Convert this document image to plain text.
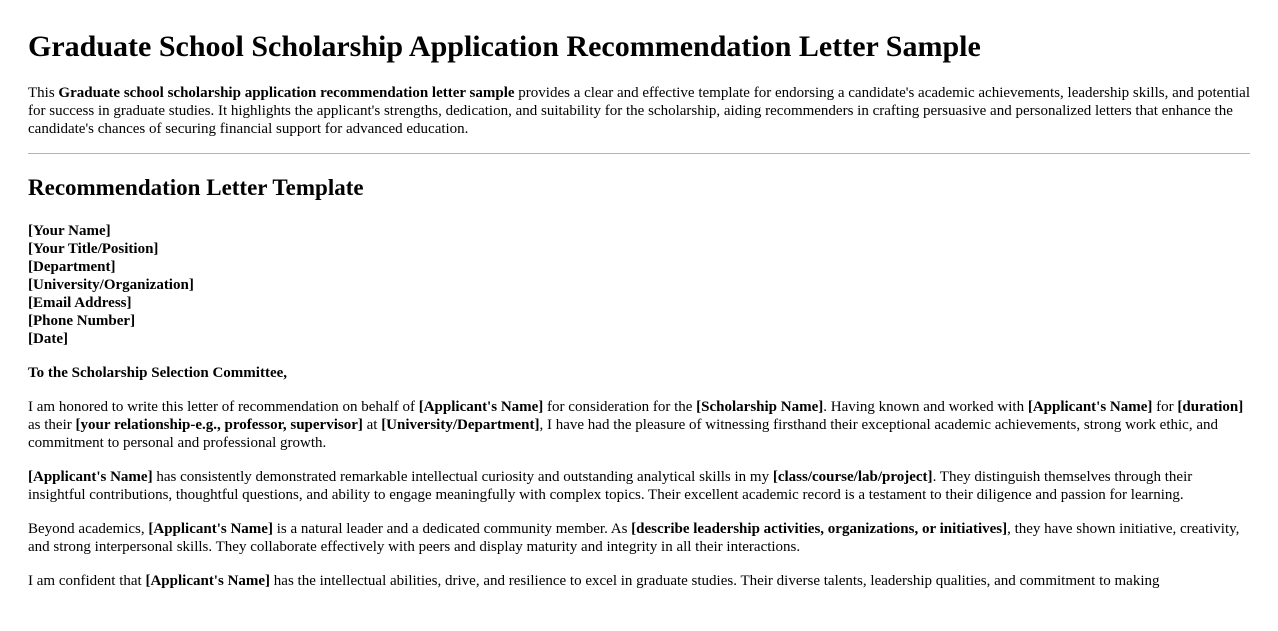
Graduate School Scholarship Application Recommendation Letter Sample

This Graduate school scholarship application recommendation letter sample provides a clear and effective template for endorsing a candidate's academic achievements, leadership skills, and potential for success in graduate studies. It highlights the applicant's strengths, dedication, and suitability for the scholarship, aiding recommenders in crafting persuasive and personalized letters that enhance the candidate's chances of securing financial support for advanced education.

Recommendation Letter Template
[Your Name]
[Your Title/Position]
[Department]
[University/Organization]
[Email Address]
[Phone Number]
[Date]

To the Scholarship Selection Committee,

I am honored to write this letter of recommendation on behalf of [Applicant's Name] for consideration for the [Scholarship Name]. Having known and worked with [Applicant's Name] for [duration] as their [your relationship-e.g., professor, supervisor] at [University/Department], I have had the pleasure of witnessing firsthand their exceptional academic achievements, strong work ethic, and commitment to personal and professional growth.

[Applicant's Name] has consistently demonstrated remarkable intellectual curiosity and outstanding analytical skills in my [class/course/lab/project]. They distinguish themselves through their insightful contributions, thoughtful questions, and ability to engage meaningfully with complex topics. Their excellent academic record is a testament to their diligence and passion for learning.

Beyond academics, [Applicant's Name] is a natural leader and a dedicated community member. As [describe leadership activities, organizations, or initiatives], they have shown initiative, creativity, and strong interpersonal skills. They collaborate effectively with peers and display maturity and integrity in all their interactions.

I am confident that [Applicant's Name] has the intellectual abilities, drive, and resilience to excel in graduate studies. Their diverse talents, leadership qualities, and commitment to making
